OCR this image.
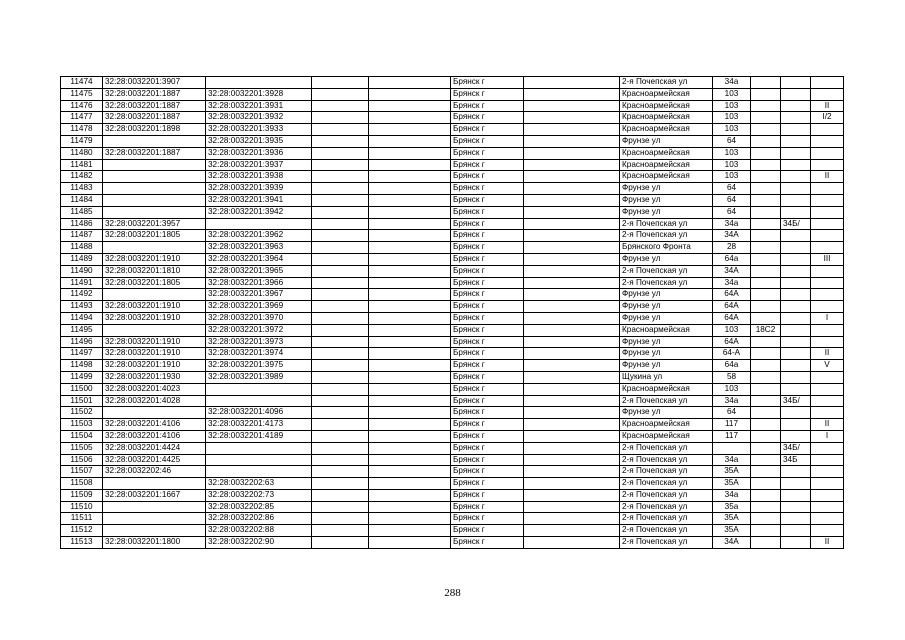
11474	32:28:0032201:3907				Брянск г		2-я Почепская ул	34а			
11475	32:28:0032201:1887	32:28:0032201:3928			Брянск г		Красноармейская	103			
11476	32:28:0032201:1887	32:28:0032201:3931			Брянск г		Красноармейская	103			II
11477	32:28:0032201:1887	32:28:0032201:3932			Брянск г		Красноармейская	103			I/2
11478	32:28:0032201:1898	32:28:0032201:3933			Брянск г		Красноармейская	103			
11479		32:28:0032201:3935			Брянск г		Фрунзе ул	64			
11480	32:28:0032201:1887	32:28:0032201:3936			Брянск г		Красноармейская	103			
11481		32:28:0032201:3937			Брянск г		Красноармейская	103			
11482		32:28:0032201:3938			Брянск г		Красноармейская	103			II
11483		32:28:0032201:3939			Брянск г		Фрунзе ул	64			
11484		32:28:0032201:3941			Брянск г		Фрунзе ул	64			
11485		32:28:0032201:3942			Брянск г		Фрунзе ул	64			
11486	32:28:0032201:3957				Брянск г		2-я Почепская ул	34а		34Б/	
11487	32:28:0032201:1805	32:28:0032201:3962			Брянск г		2-я Почепская ул	34А			
11488		32:28:0032201:3963			Брянск г		Брянского Фронта	28			
11489	32:28:0032201:1910	32:28:0032201:3964			Брянск г		Фрунзе ул	64а			III
11490	32:28:0032201:1810	32:28:0032201:3965			Брянск г		2-я Почепская ул	34А			
11491	32:28:0032201:1805	32:28:0032201:3966			Брянск г		2-я Почепская ул	34а			
11492		32:28:0032201:3967			Брянск г		Фрунзе ул	64А			
11493	32:28:0032201:1910	32:28:0032201:3969			Брянск г		Фрунзе ул	64А			
11494	32:28:0032201:1910	32:28:0032201:3970			Брянск г		Фрунзе ул	64А			I
11495		32:28:0032201:3972			Брянск г		Красноармейская	103	18С2		
11496	32:28:0032201:1910	32:28:0032201:3973			Брянск г		Фрунзе ул	64А			
11497	32:28:0032201:1910	32:28:0032201:3974			Брянск г		Фрунзе ул	64-А			II
11498	32:28:0032201:1910	32:28:0032201:3975			Брянск г		Фрунзе ул	64а			V
11499	32:28:0032201:1930	32:28:0032201:3989			Брянск г		Щукина ул	58			
11500	32:28:0032201:4023				Брянск г		Красноармейская	103			
11501	32:28:0032201:4028				Брянск г		2-я Почепская ул	34а		34Б/	
11502		32:28:0032201:4096			Брянск г		Фрунзе ул	64			
11503	32:28:0032201:4106	32:28:0032201:4173			Брянск г		Красноармейская	117			II
11504	32:28:0032201:4106	32:28:0032201:4189			Брянск г		Красноармейская	117			I
11505	32:28:0032201:4424				Брянск г		2-я Почепская ул			34Б/	
11506	32:28:0032201:4425				Брянск г		2-я Почепская ул	34а		34Б	
11507	32:28:0032202:46				Брянск г		2-я Почепская ул	35А			
11508		32:28:0032202:63			Брянск г		2-я Почепская ул	35А			
11509	32:28:0032201:1667	32:28:0032202:73			Брянск г		2-я Почепская ул	34а			
11510		32:28:0032202:85			Брянск г		2-я Почепская ул	35а			
11511		32:28:0032202:86			Брянск г		2-я Почепская ул	35А			
11512		32:28:0032202:88			Брянск г		2-я Почепская ул	35А			
11513	32:28:0032201:1800	32:28:0032202:90			Брянск г		2-я Почепская ул	34А			II
288
